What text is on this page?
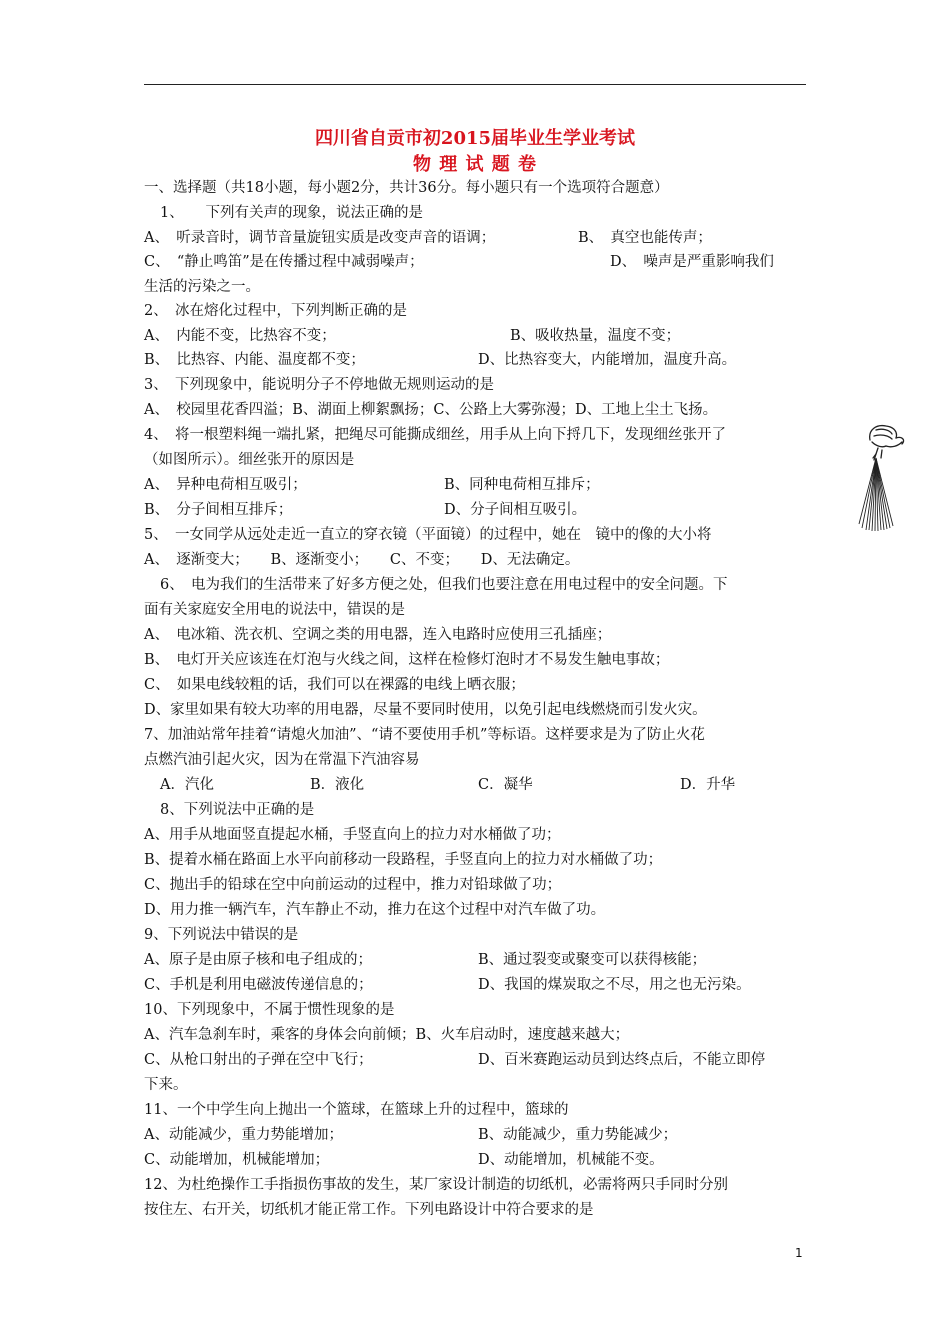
四川省自贡市初2015届毕业生学业考试
物 理 试 题 卷
一、选择题（共18小题，每小题2分，共计36分。每小题只有一个选项符合题意）
1、　　下列有关声的现象，说法正确的是
A、　听录音时，调节音量旋钮实质是改变声音的语调；	B、　真空也能传声；
C、　“静止鸣笛”是在传播过程中减弱噪声；	D、　噪声是严重影响我们
生活的污染之一。
2、　冰在熔化过程中，下列判断正确的是
A、　内能不变，比热容不变；	B、吸收热量，温度不变；
B、　比热容、内能、温度都不变；	D、比热容变大，内能增加，温度升高。
3、　下列现象中，能说明分子不停地做无规则运动的是
A、　校园里花香四溢；B、湖面上柳絮飘扬；C、公路上大雾弥漫；D、工地上尘土飞扬。
4、　将一根塑料绳一端扎紧，把绳尽可能撕成细丝，用手从上向下捋几下，发现细丝张开了
（如图所示）。细丝张开的原因是
A、　异种电荷相互吸引；	B、同种电荷相互排斥；
B、　分子间相互排斥；	D、分子间相互吸引。
5、　一女同学从远处走近一直立的穿衣镜（平面镜）的过程中，她在　镜中的像的大小将
A、　逐渐变大；　　B、逐渐变小；　　C、不变；　　D、无法确定。
6、　电为我们的生活带来了好多方便之处，但我们也要注意在用电过程中的安全问题。下
面有关家庭安全用电的说法中，错误的是
A、　电冰箱、洗衣机、空调之类的用电器，连入电路时应使用三孔插座；
B、　电灯开关应该连在灯泡与火线之间，这样在检修灯泡时才不易发生触电事故；
C、　如果电线较粗的话，我们可以在裸露的电线上晒衣服；
D、家里如果有较大功率的用电器，尽量不要同时使用，以免引起电线燃烧而引发火灾。
7、加油站常年挂着“请熄火加油”、“请不要使用手机”等标语。这样要求是为了防止火花
点燃汽油引起火灾，因为在常温下汽油容易
A．汽化	B．液化	C．凝华	D．升华
8、下列说法中正确的是
A、用手从地面竖直提起水桶，手竖直向上的拉力对水桶做了功；
B、提着水桶在路面上水平向前移动一段路程，手竖直向上的拉力对水桶做了功；
C、抛出手的铅球在空中向前运动的过程中，推力对铅球做了功；
D、用力推一辆汽车，汽车静止不动，推力在这个过程中对汽车做了功。
9、下列说法中错误的是
A、原子是由原子核和电子组成的；	B、通过裂变或聚变可以获得核能；
C、手机是利用电磁波传递信息的；	D、我国的煤炭取之不尽，用之也无污染。
10、下列现象中，不属于惯性现象的是
A、汽车急刹车时，乘客的身体会向前倾；B、火车启动时，速度越来越大；
C、从枪口射出的子弹在空中飞行；	D、百米赛跑运动员到达终点后，不能立即停
下来。
11、一个中学生向上抛出一个篮球，在篮球上升的过程中，篮球的
A、动能减少，重力势能增加；	B、动能减少，重力势能减少；
C、动能增加，机械能增加；	D、动能增加，机械能不变。
12、为杜绝操作工手指损伤事故的发生，某厂家设计制造的切纸机，必需将两只手同时分别
按住左、右开关，切纸机才能正常工作。下列电路设计中符合要求的是
1
